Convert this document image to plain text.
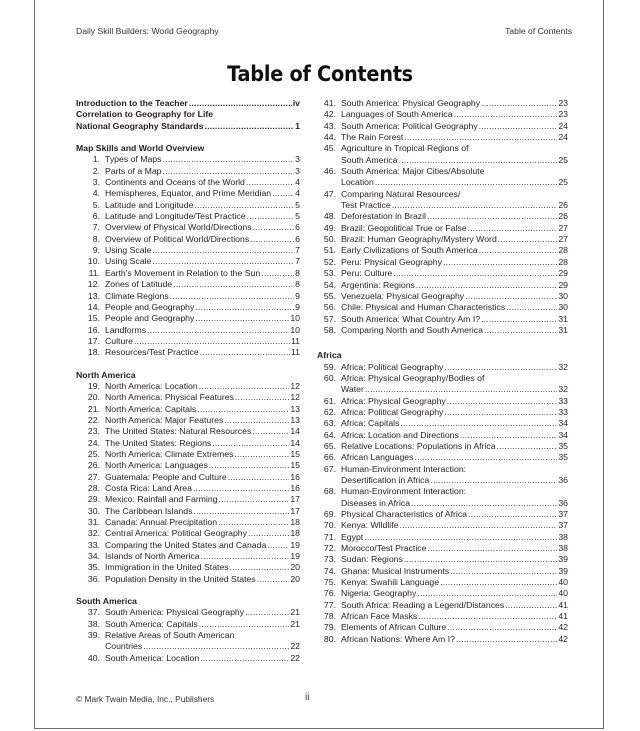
Daily Skill Builders: World Geography	Table of Contents
Table of Contents
Introduction to the Teacher .....	iv
Correlation to Geography for Life
National Geography Standards .....	1
Map Skills and World Overview
1. Types of Maps .....	3
2. Parts of a Map .....	3
3. Continents and Oceans of the World .....	4
4. Hemispheres, Equator, and Prime Meridian .....	4
5. Latitude and Longitude .....	5
6. Latitude and Longitude/Test Practice .....	5
7. Overview of Physical World/Directions .....	6
8. Overview of Political World/Directions .....	6
9. Using Scale .....	7
10. Using Scale .....	7
11. Earth's Movement in Relation to the Sun .....	8
12. Zones of Latitude .....	8
13. Climate Regions .....	9
14. People and Geography .....	9
15. People and Geography .....	10
16. Landforms .....	10
17. Culture .....	11
18. Resources/Test Practice .....	11
North America
19. North America: Location .....	12
20. North America: Physical Features .....	12
21. North America: Capitals .....	13
22. North America: Major Features .....	13
23. The United States: Natural Resources .....	14
24. The United States: Regions .....	14
25. North America: Climate Extremes .....	15
26. North America: Languages .....	15
27. Guatemala: People and Culture .....	16
28. Costa Rica: Land Area .....	16
29. Mexico: Rainfall and Farming .....	17
30. The Caribbean Islands .....	17
31. Canada: Annual Precipitation .....	18
32. Central America: Political Geography .....	18
33. Comparing the United States and Canada .....	19
34. Islands of North America .....	19
35. Immigration in the United States .....	20
36. Population Density in the United States .....	20
South America
37. South America: Physical Geography .....	21
38. South America: Capitals .....	21
39. Relative Areas of South American
Countries .....	22
40. South America: Location .....	22
41. South America: Physical Geography .....	23
42. Languages of South America .....	23
43. South America: Political Geography .....	24
44. The Rain Forest .....	24
45. Agriculture in Tropical Regions of
South America .....	25
46. South America: Major Cities/Absolute
Location .....	25
47. Comparing Natural Resources/
Test Practice .....	26
48. Deforestation in Brazil .....	26
49. Brazil: Geopolitical True or False .....	27
50. Brazil: Human Geography/Mystery Word .....	27
51. Early Civilizations of South America .....	28
52. Peru: Physical Geography .....	28
53. Peru: Culture .....	29
54. Argentina: Regions .....	29
55. Venezuela: Physical Geography .....	30
56. Chile: Physical and Human Characteristics .....	30
57. South America: What Country Am I? .....	31
58. Comparing North and South America .....	31
Africa
59. Africa: Political Geography .....	32
60. Africa: Physical Geography/Bodies of
Water .....	32
61. Africa: Physical Geography .....	33
62. Africa: Political Geography .....	33
63. Africa: Capitals .....	34
64. Africa: Location and Directions .....	34
65. Relative Locations: Populations in Africa .....	35
66. African Languages .....	35
67. Human-Environment Interaction:
Desertification in Africa .....	36
68. Human-Environment Interaction:
Diseases in Africa .....	36
69. Physical Characteristics of Africa .....	37
70. Kenya: Wildlife .....	37
71. Egypt .....	38
72. Morocco/Test Practice .....	38
73. Sudan: Regions .....	39
74. Ghana: Musical Instruments .....	39
75. Kenya: Swahili Language .....	40
76. Nigeria: Geography .....	40
77. South Africa: Reading a Legend/Distances .....	41
78. African Face Masks .....	41
79. Elements of African Culture .....	42
80. African Nations: Where Am I? .....	42
© Mark Twain Media, Inc., Publishers	ii
